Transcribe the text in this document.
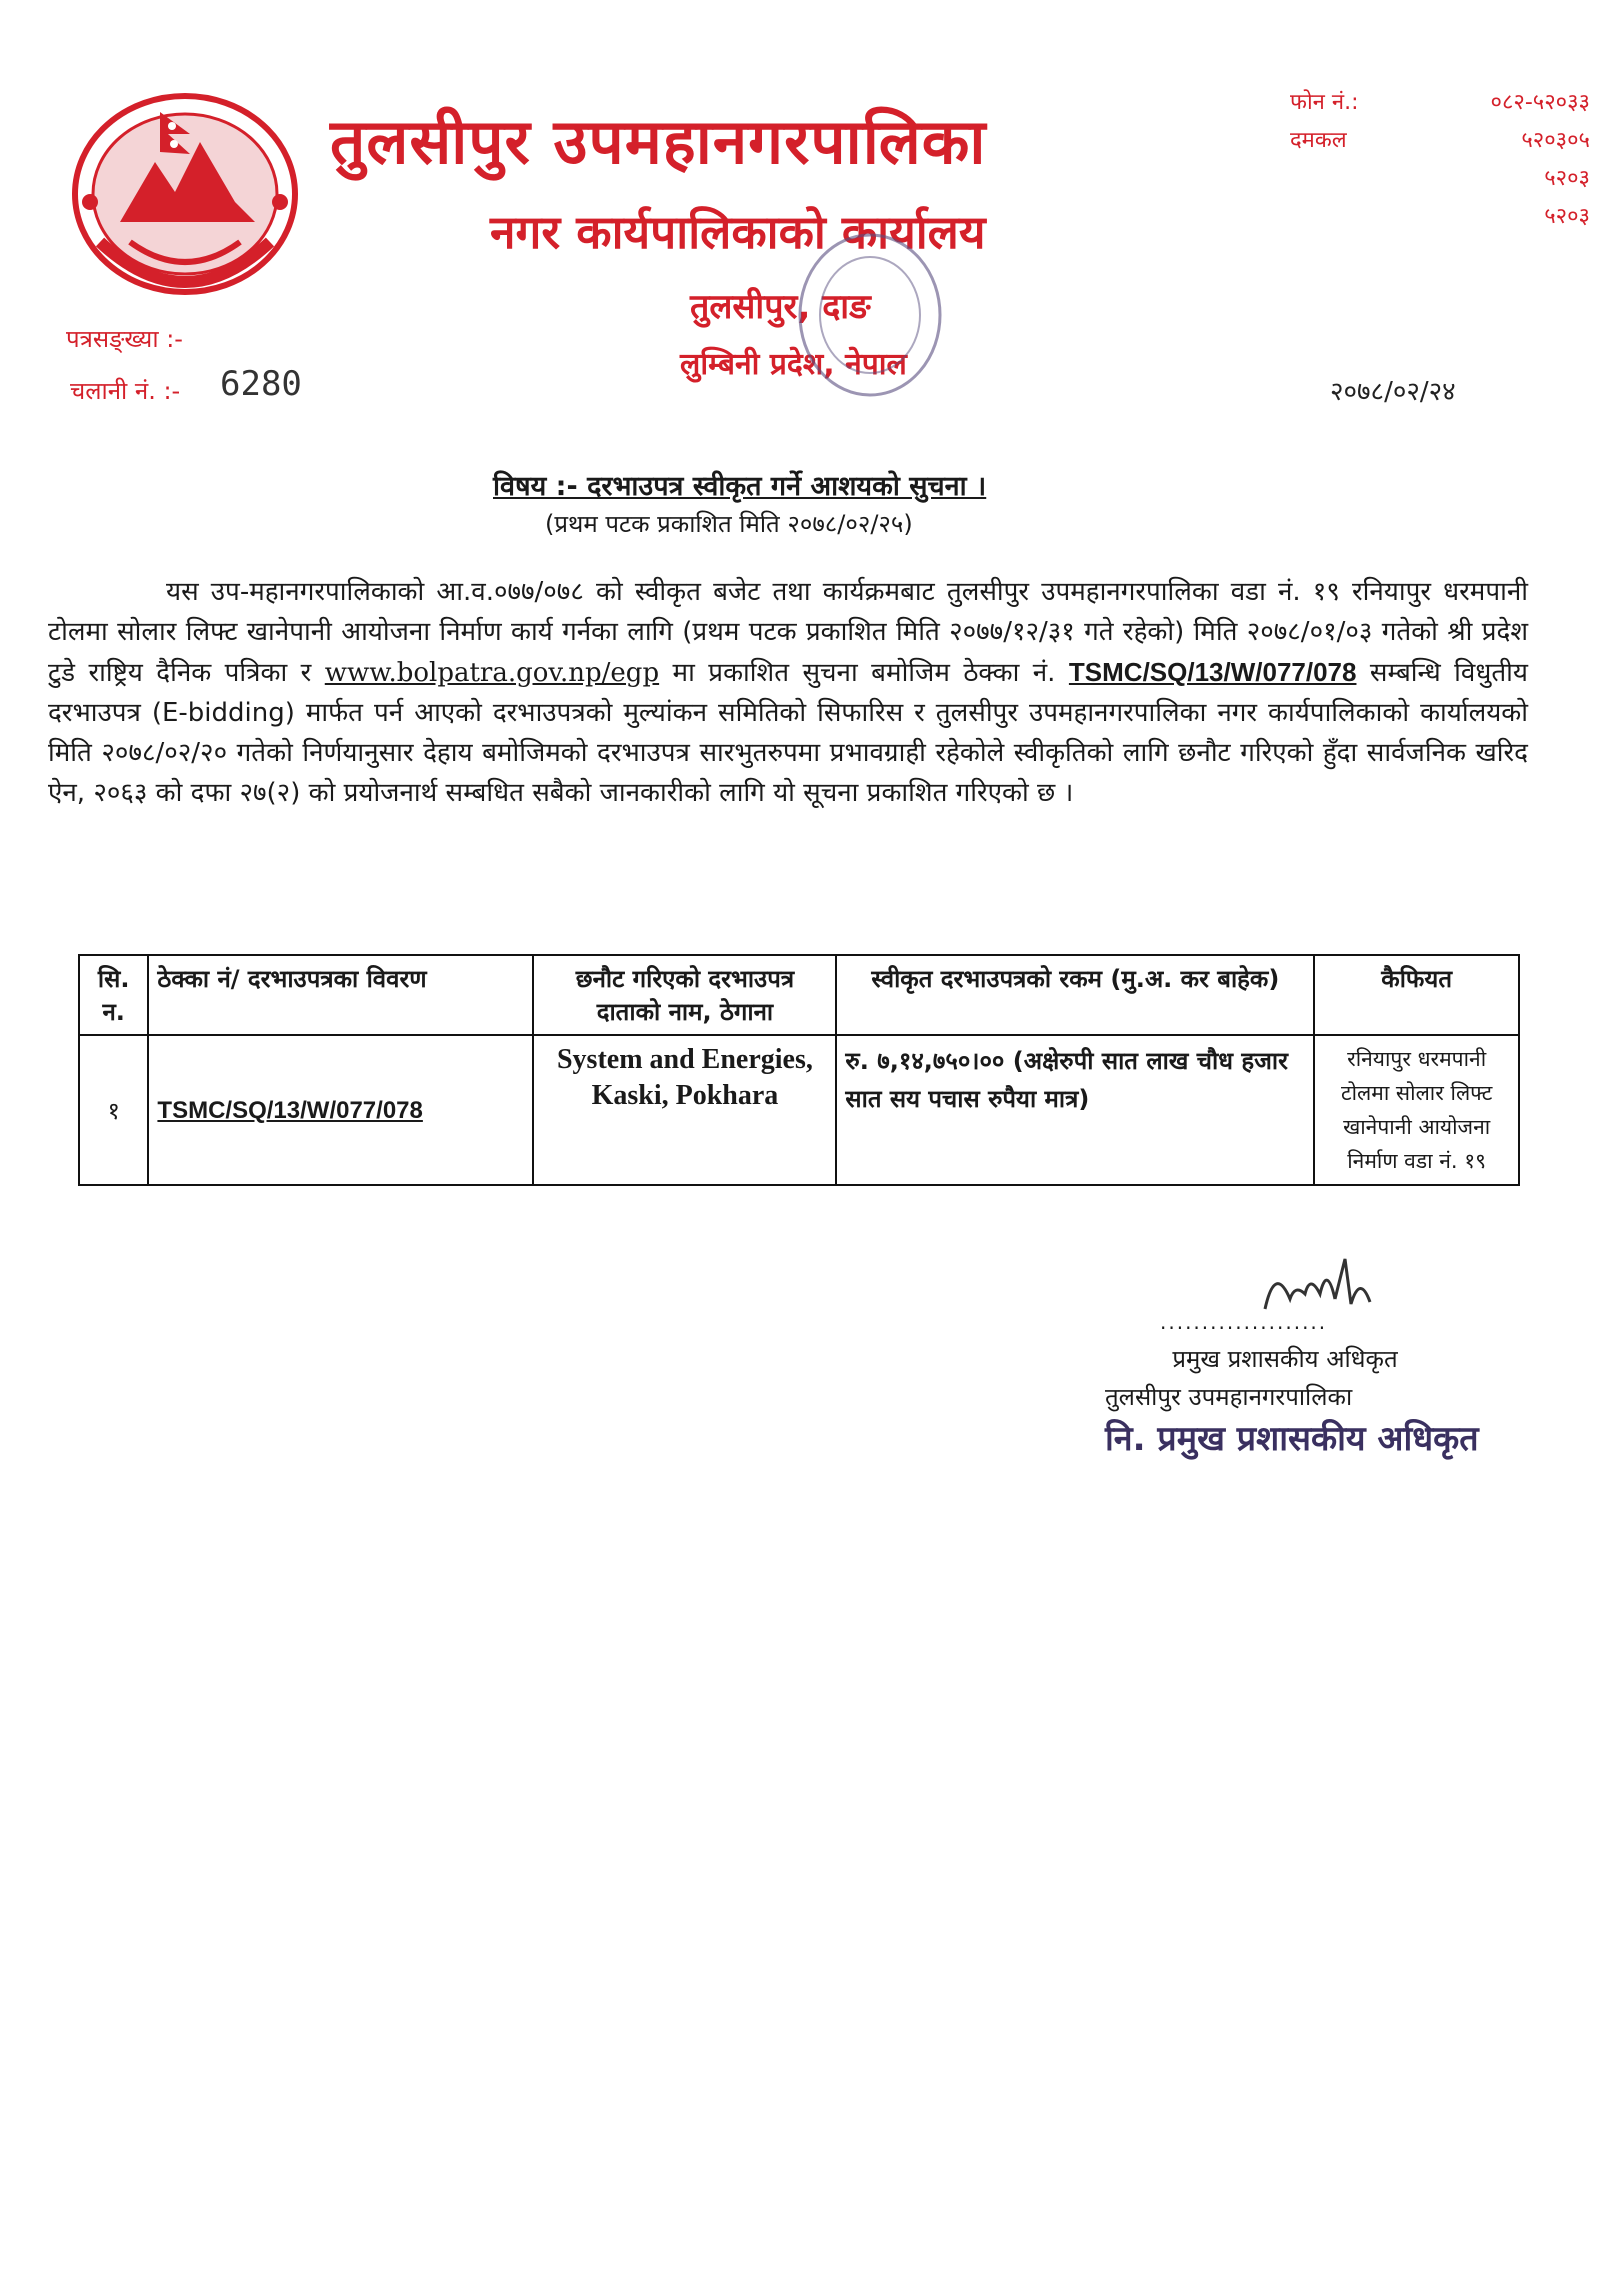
तुलसीपुर उपमहानगरपालिका
नगर कार्यपालिकाको कार्यालय
तुलसीपुर, दाङ
लुम्बिनी प्रदेश, नेपाल
फोन नं.:	०८२-५२०३३
दमकल	५२०३०५
५२०३
५२०३
पत्रसङ्ख्या :-
चलानी नं. :- 6280	२०७८/०२/२४
विषय :- दरभाउपत्र स्वीकृत गर्ने आशयको सुचना ।
(प्रथम पटक प्रकाशित मिति २०७८/०२/२५)

यस उप-महानगरपालिकाको आ.व.०७७/०७८ को स्वीकृत बजेट तथा कार्यक्रमबाट तुलसीपुर उपमहानगरपालिका वडा नं. १९ रनियापुर धरमपानी टोलमा सोलार लिफ्ट खानेपानी आयोजना निर्माण कार्य गर्नका लागि (प्रथम पटक प्रकाशित मिति २०७७/१२/३१ गते रहेको) मिति २०७८/०१/०३ गतेको श्री प्रदेश टुडे राष्ट्रिय दैनिक पत्रिका र www.bolpatra.gov.np/egp मा प्रकाशित सुचना बमोजिम ठेक्का नं. TSMC/SQ/13/W/077/078 सम्बन्धि विधुतीय दरभाउपत्र (E-bidding) मार्फत पर्न आएको दरभाउपत्रको मुल्यांकन समितिको सिफारिस र तुलसीपुर उपमहानगरपालिका नगर कार्यपालिकाको कार्यालयको मिति २०७८/०२/२० गतेको निर्णयानुसार देहाय बमोजिमको दरभाउपत्र सारभुतरुपमा प्रभावग्राही रहेकोले स्वीकृतिको लागि छनौट गरिएको हुँदा सार्वजनिक खरिद ऐन, २०६३ को दफा २७(२) को प्रयोजनार्थ सम्बधित सबैको जानकारीको लागि यो सूचना प्रकाशित गरिएको छ ।

सि. न.	ठेक्का नं/ दरभाउपत्रका विवरण	छनौट गरिएको दरभाउपत्र दाताको नाम, ठेगाना	स्वीकृत दरभाउपत्रको रकम (मु.अ. कर बाहेक)	कैफियत
१	TSMC/SQ/13/W/077/078	System and Energies, Kaski, Pokhara	रु. ७,१४,७५०।०० (अक्षेरुपी सात लाख चौध हजार सात सय पचास रुपैया मात्र)	रनियापुर धरमपानी टोलमा सोलार लिफ्ट खानेपानी आयोजना निर्माण वडा नं. १९
....................
प्रमुख प्रशासकीय अधिकृत
तुलसीपुर उपमहानगरपालिका
नि. प्रमुख प्रशासकीय अधिकृत
